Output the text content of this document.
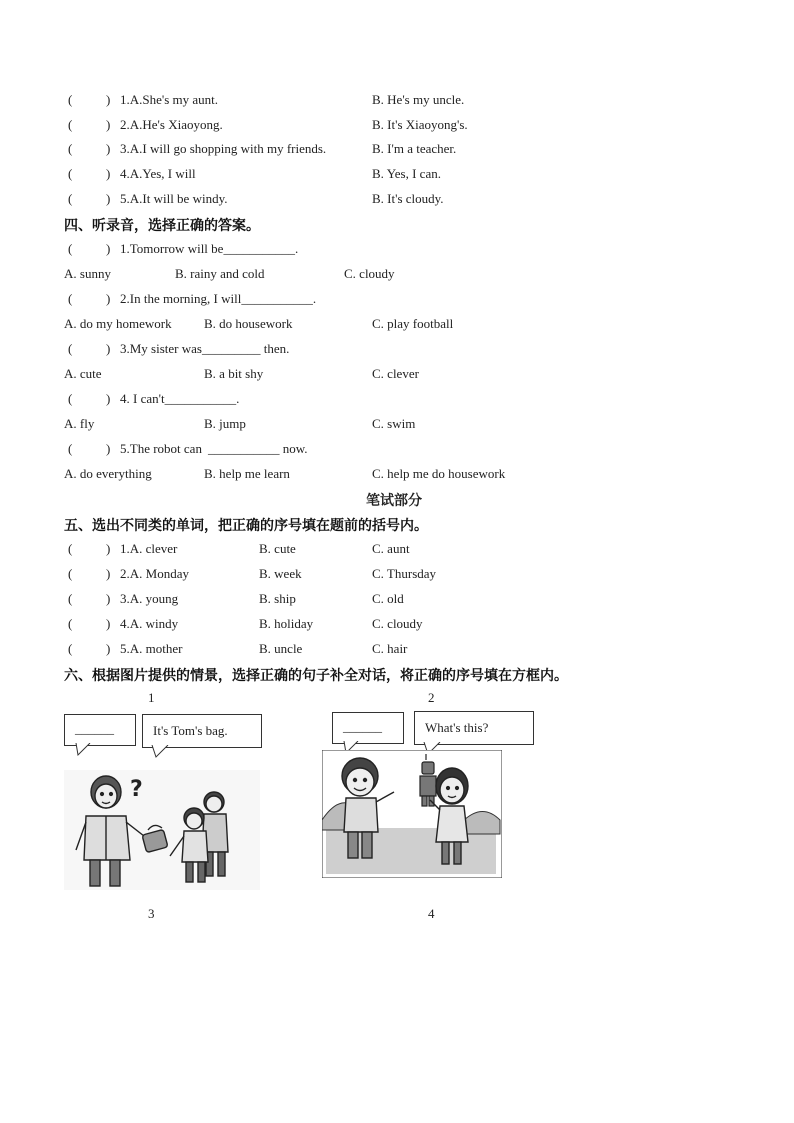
(	) 1.A.She's my aunt.	B. He's my uncle.
(	) 2.A.He's Xiaoyong.	B. It's Xiaoyong's.
(	) 3.A.I will go shopping with my friends.	B. I'm a teacher.
(	) 4.A.Yes, I will	B. Yes, I can.
(	) 5.A.It will be windy.	B. It's cloudy.
四、听录音，选择正确的答案。
(	) 1.Tomorrow will be___________.
A. sunny	B. rainy and cold	C. cloudy
(	) 2.In the morning, I will___________.
A. do my homework B. do housework	C. play football
(	) 3.My sister was_________ then.
A. cute	B. a bit shy	C. clever
(	) 4. I can't___________.
A. fly	B. jump	C. swim
(	) 5.The robot can ___________ now.
A. do everything	B. help me learn	C. help me do housework
笔试部分
五、选出不同类的单词，把正确的序号填在题前的括号内。
(	) 1.A. clever	B. cute	C. aunt
(	) 2.A. Monday	B. week	C. Thursday
(	) 3.A. young	B. ship	C. old
(	) 4.A. windy	B. holiday	C. cloudy
(	) 5.A. mother	B. uncle	C. hair
六、根据图片提供的情景，选择正确的句子补全对话，将正确的序号填在方框内。
1	2
______	It's Tom's bag.	______	What's this?
?
3	4
